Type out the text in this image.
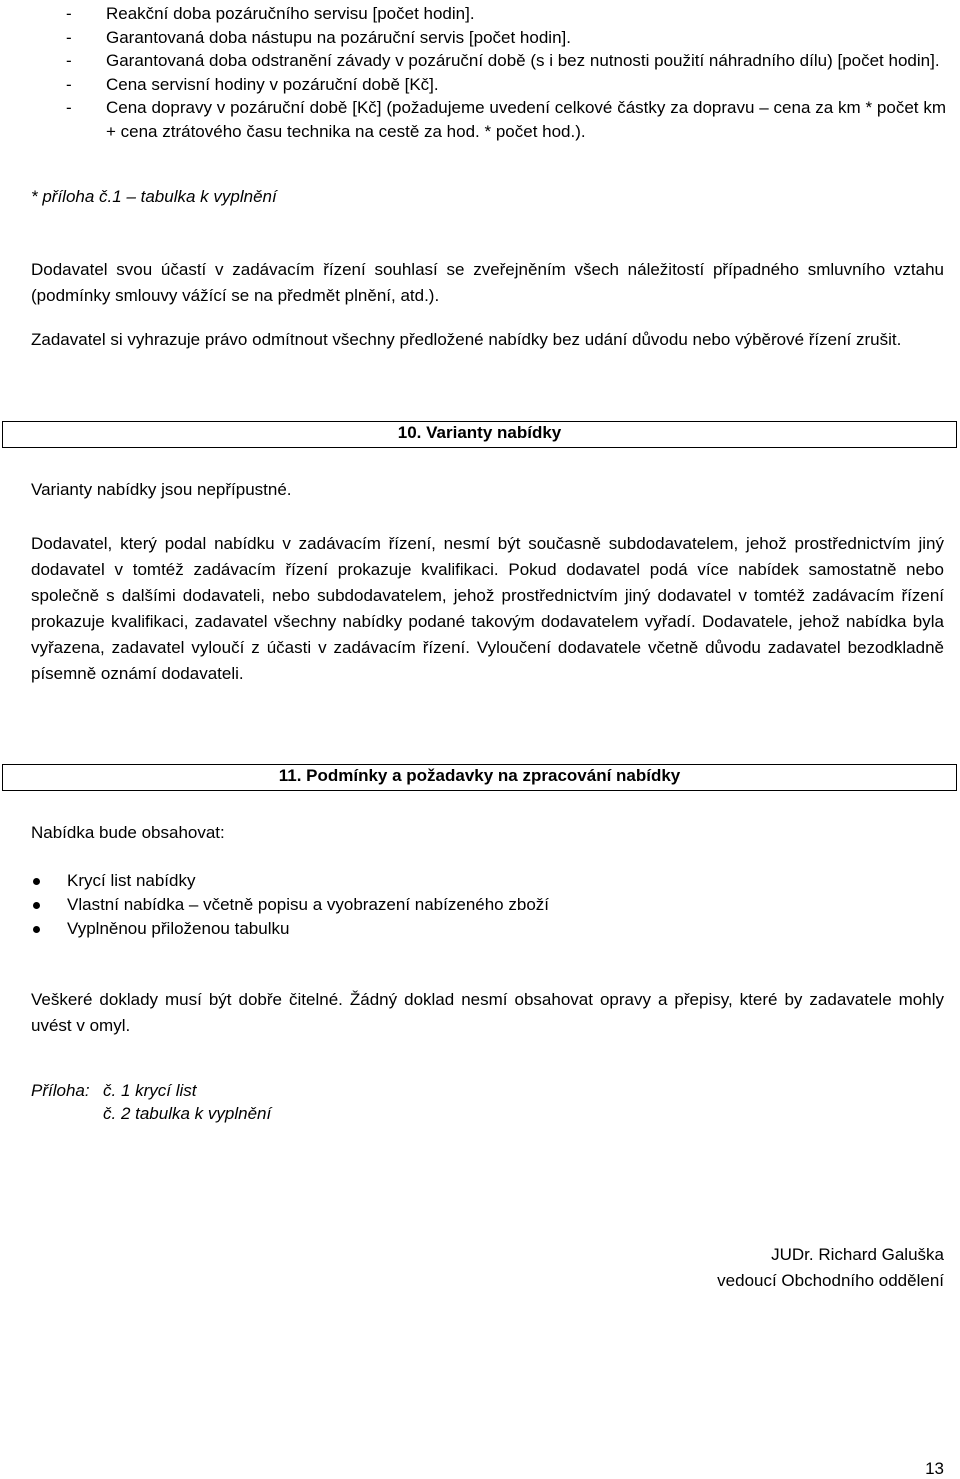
- Reakční doba pozáručního servisu [počet hodin].
- Garantovaná doba nástupu na pozáruční servis [počet hodin].
- Garantovaná doba odstranění závady v pozáruční době (s i bez nutnosti použití náhradního dílu) [počet hodin].
- Cena servisní hodiny v pozáruční době [Kč].
- Cena dopravy v pozáruční době [Kč] (požadujeme uvedení celkové částky za dopravu – cena za km * počet km + cena ztrátového času technika na cestě za hod. * počet hod.).
* příloha č.1 – tabulka k vyplnění
Dodavatel svou účastí v zadávacím řízení souhlasí se zveřejněním všech náležitostí případného smluvního vztahu (podmínky smlouvy vážící se na předmět plnění, atd.).
Zadavatel si vyhrazuje právo odmítnout všechny předložené nabídky bez udání důvodu nebo výběrové řízení zrušit.
10. Varianty nabídky
Varianty nabídky jsou nepřípustné.
Dodavatel, který podal nabídku v zadávacím řízení, nesmí být současně subdodavatelem, jehož prostřednictvím jiný dodavatel v tomtéž zadávacím řízení prokazuje kvalifikaci. Pokud dodavatel podá více nabídek samostatně nebo společně s dalšími dodavateli, nebo subdodavatelem, jehož prostřednictvím jiný dodavatel v tomtéž zadávacím řízení prokazuje kvalifikaci, zadavatel všechny nabídky podané takovým dodavatelem vyřadí. Dodavatele, jehož nabídka byla vyřazena, zadavatel vyloučí z účasti v zadávacím řízení. Vyloučení dodavatele včetně důvodu zadavatel bezodkladně písemně oznámí dodavateli.
11. Podmínky a požadavky na zpracování nabídky
Nabídka bude obsahovat:
Krycí list nabídky
Vlastní nabídka – včetně popisu a vyobrazení nabízeného zboží
Vyplněnou přiloženou tabulku
Veškeré doklady musí být dobře čitelné. Žádný doklad nesmí obsahovat opravy a přepisy, které by zadavatele mohly uvést v omyl.
Příloha: č. 1 krycí list
č. 2 tabulka k vyplnění
JUDr. Richard Galuška
vedoucí Obchodního oddělení
13
